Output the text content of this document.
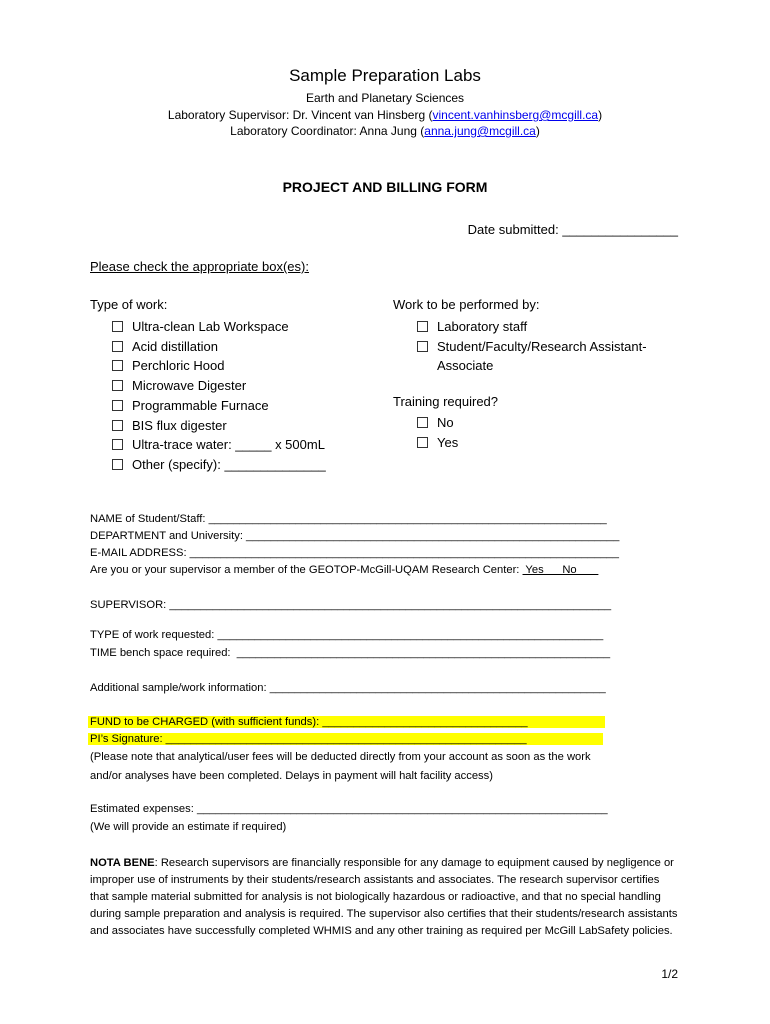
Sample Preparation Labs
Earth and Planetary Sciences
Laboratory Supervisor: Dr. Vincent van Hinsberg (vincent.vanhinsberg@mcgill.ca)
Laboratory Coordinator: Anna Jung (anna.jung@mcgill.ca)
PROJECT AND BILLING FORM
Date submitted: ________________
Please check the appropriate box(es):
Type of work:
Ultra-clean Lab Workspace
Acid distillation
Perchloric Hood
Microwave Digester
Programmable Furnace
BIS flux digester
Ultra-trace water: _____ x 500mL
Other (specify): ______________
Work to be performed by:
Laboratory staff
Student/Faculty/Research Assistant-
Associate
Training required?
No
Yes
NAME of Student/Staff: ________________________________________________________________
DEPARTMENT and University: ____________________________________________________________
E-MAIL ADDRESS: _____________________________________________________________________
Are you or your supervisor a member of the GEOTOP-McGill-UQAM Research Center:  Yes      No
SUPERVISOR: _______________________________________________________________________
TYPE of work requested: ______________________________________________________________
TIME bench space required:  ____________________________________________________________
Additional sample/work information: ______________________________________________________
FUND to be CHARGED (with sufficient funds): _________________________________
PI’s Signature: __________________________________________________________
(Please note that analytical/user fees will be deducted directly from your account as soon as the work
and/or analyses have been completed. Delays in payment will halt facility access)
Estimated expenses: __________________________________________________________________
(We will provide an estimate if required)
NOTA BENE: Research supervisors are financially responsible for any damage to equipment caused by negligence or improper use of instruments by their students/research assistants and associates. The research supervisor certifies that sample material submitted for analysis is not biologically hazardous or radioactive, and that no special handling during sample preparation and analysis is required. The supervisor also certifies that their students/research assistants and associates have successfully completed WHMIS and any other training as required per McGill LabSafety policies.
1/2
